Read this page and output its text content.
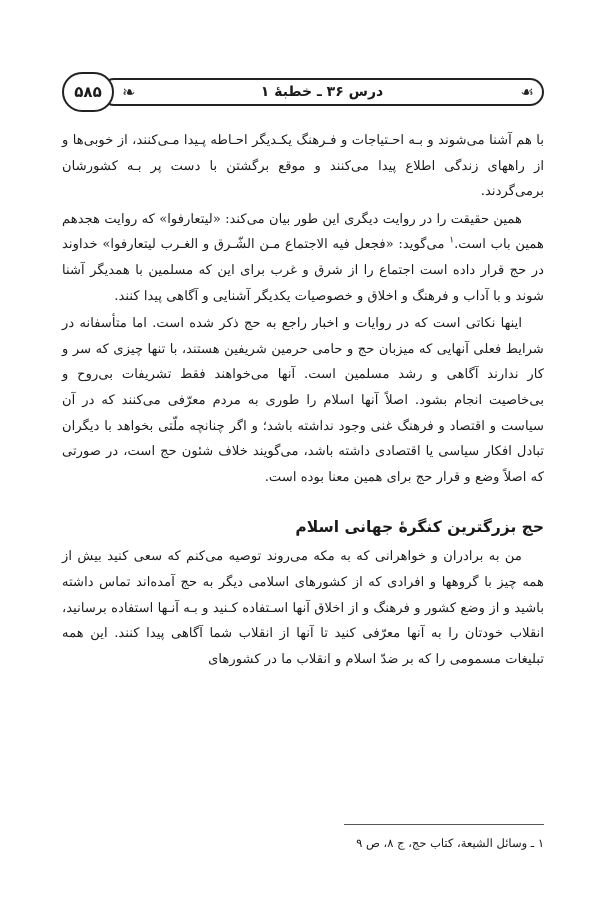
☙
درس ۳۶ ـ خطبهٔ ۱
☙
۵۸۵

با هم آشنا می‌شوند و بـه احـتیاجات و فـرهنگ یکـدیگر احـاطه پـیدا مـی‌کنند، از خوبی‌ها و از راههای زندگی اطلاع پیدا می‌کنند و موقع برگشتن با دست پر بـه کشورشان برمی‌گردند.

همین حقیقت را در روایت دیگری این طور بیان می‌کند: «لیتعارفوا» که روایت هجدهم همین باب است.$^۱$ می‌گوید: «فجعل فیه الاجتماع مـن الشّـرق و الغـرب لیتعارفوا» خداوند در حج قرار داده است اجتماع را از شرق و غرب برای این که مسلمین با همدیگر آشنا شوند و با آداب و فرهنگ و اخلاق و خصوصیات یکدیگر آشنایی و آگاهی پیدا کنند.

اینها نکاتی است که در روایات و اخبار راجع به حج ذکر شده است. اما متأسفانه در شرایط فعلی آنهایی که میزبان حج و حامی حرمین شریفین هستند، با تنها چیزی که سر و کار ندارند آگاهی و رشد مسلمین است. آنها می‌خواهند فقط تشریفات بی‌روح و بی‌خاصیت انجام بشود. اصلاً آنها اسلام را طوری به مردم معرّفی می‌کنند که در آن سیاست و اقتصاد و فرهنگ غنی وجود نداشته باشد؛ و اگر چنانچه ملّتی بخواهد با دیگران تبادل افکار سیاسی یا اقتصادی داشته باشد، می‌گویند خلاف شئون حج است، در صورتی که اصلاً وضع و قرار حج برای همین معنا بوده است.

حج بزرگترین کنگرهٔ جهانی اسلام

من به برادران و خواهرانی که به مکه می‌روند توصیه می‌کنم که سعی کنید بیش از همه چیز با گروهها و افرادی که از کشورهای اسلامی دیگر به حج آمده‌اند تماس داشته باشید و از وضع کشور و فرهنگ و از اخلاق آنها اسـتفاده کـنید و بـه آنـها استفاده برسانید، انقلاب خودتان را به آنها معرّفی کنید تا آنها از انقلاب شما آگاهی پیدا کنند. این همه تبلیغات مسمومی را که بر ضدّ اسلام و انقلاب ما در کشورهای

۱ ـ وسائل الشیعة، کتاب حج، ج ۸، ص ۹
